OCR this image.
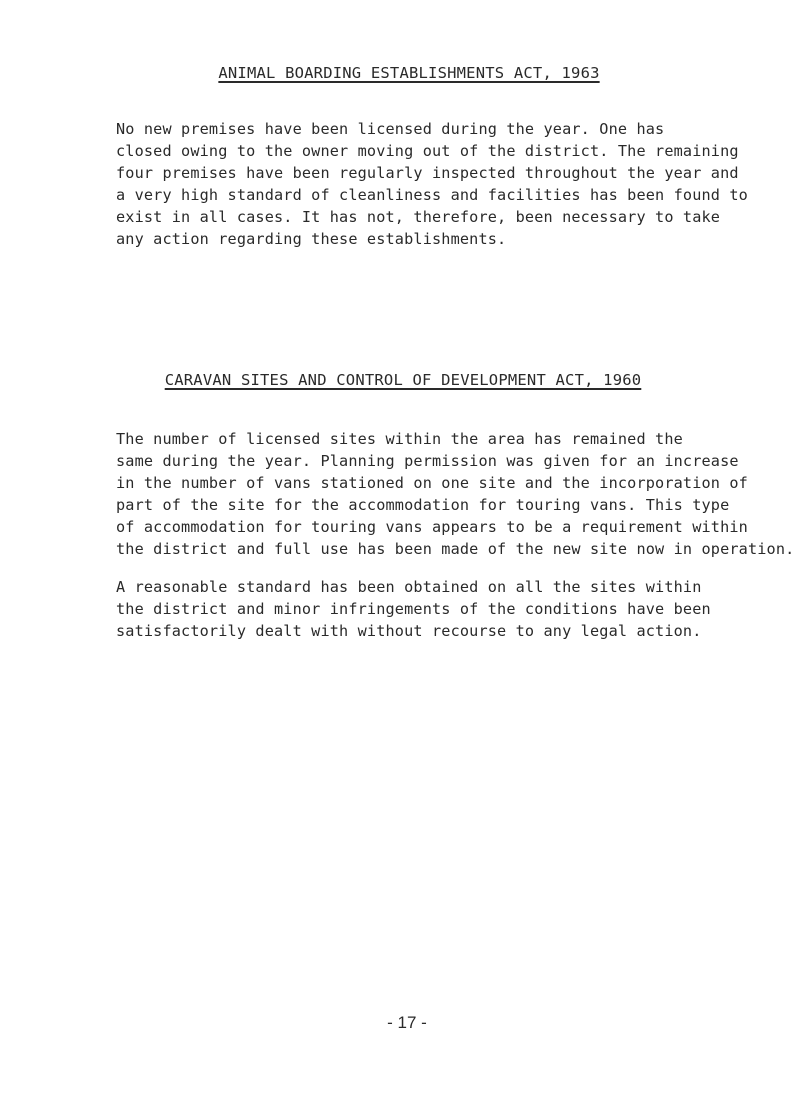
ANIMAL BOARDING ESTABLISHMENTS ACT, 1963

No new premises have been licensed during the year. One has
closed owing to the owner moving out of the district. The remaining
four premises have been regularly inspected throughout the year and
a very high standard of cleanliness and facilities has been found to
exist in all cases. It has not, therefore, been necessary to take
any action regarding these establishments.

CARAVAN SITES AND CONTROL OF DEVELOPMENT ACT, 1960

The number of licensed sites within the area has remained the
same during the year. Planning permission was given for an increase
in the number of vans stationed on one site and the incorporation of
part of the site for the accommodation for touring vans. This type
of accommodation for touring vans appears to be a requirement within
the district and full use has been made of the new site now in operation.

A reasonable standard has been obtained on all the sites within
the district and minor infringements of the conditions have been
satisfactorily dealt with without recourse to any legal action.

- 17 -
